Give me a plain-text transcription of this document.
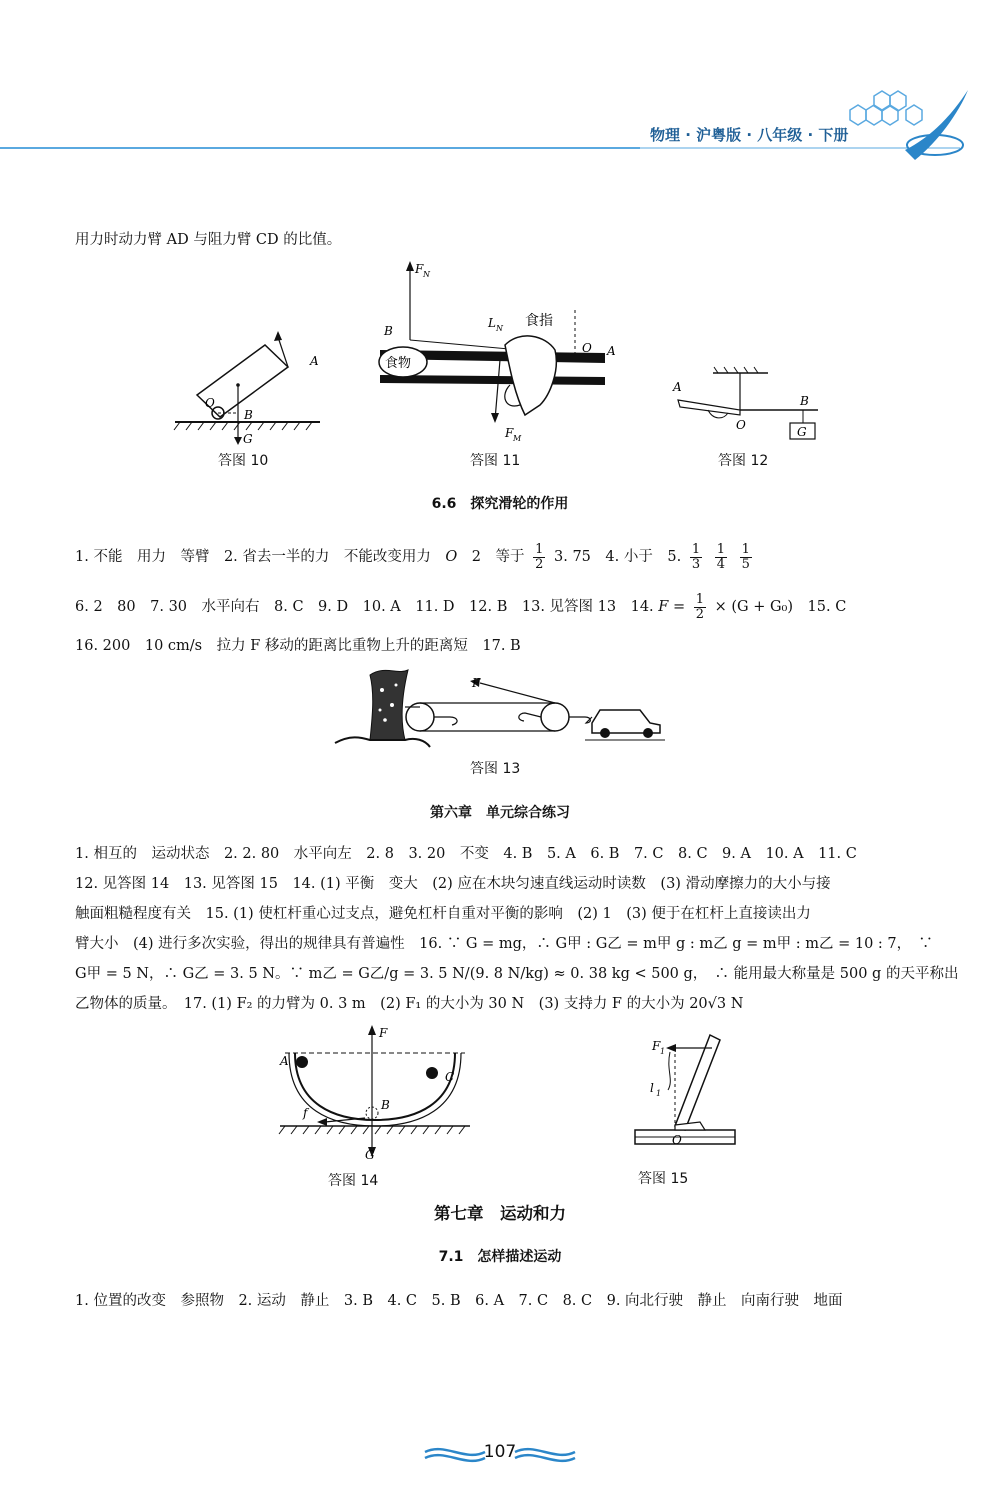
物理 · 沪粤版 · 八年级 · 下册
用力时动力臂 AD 与阻力臂 CD 的比值。
A
O
B
G
答图 10
F N
食物
B
L N 食指
O A
F M
答图 11
A
B
O	G
答图 12
6.6　探究滑轮的作用
1. 不能　用力　等臂　2. 省去一半的力　不能改变用力　O　2　等于 $\frac{1}{2} 3$. 75　4. 小于　5. $\frac{1}{3}$
$\frac{1}{4}$
$\frac{1}{5}$
6. 2　80　7. 30　水平向右　8. C　9. D　10. A　11. D　12. B　13. 见答图 13　14. $F = \frac{1}{2} \times (G + G_0)$　15. C
16. 200　10 cm/s　拉力 F 移动的距离比重物上升的距离短　17. B
F
答图 13
第六章　单元综合练习
1. 相互的　运动状态　2. 2. 80　水平向左　2. 8　3. 20　不变　4. B　5. A　6. B　7. C　8. C　9. A　10. A　11. C
12. 见答图 14　13. 见答图 15　14. (1) 平衡　变大　(2) 应在木块匀速直线运动时读数　(3) 滑动摩擦力的大小与接
触面粗糙程度有关　15. (1) 使杠杆重心过支点，避免杠杆自重对平衡的影响　(2) 1　(3) 便于在杠杆上直接读出力
臂大小　(4) 进行多次实验，得出的规律具有普遍性　16. ∵ G = mg，∴ G甲 : G乙 = m甲 g : m乙 g = m甲 : m乙 = 10 : 7，　∵
G甲 = 5 N，∴ G乙 = 3. 5 N。∵ m乙 = G乙/g = 3. 5 N/(9. 8 N/kg) ≈ 0. 38 kg < 500 g，　∴ 能用最大称量是 500 g 的天平称出
乙物体的质量。　17. (1) F₂ 的力臂为 0. 3 m　(2) F₁ 的大小为 30 N　(3) 支持力 F 的大小为 20√3 N
F
A
C
B
f
G
答图 14
F 1
l 1
O
答图 15
第七章　运动和力
7.1　怎样描述运动
1. 位置的改变　参照物　2. 运动　静止　3. B　4. C　5. B　6. A　7. C　8. C　9. 向北行驶　静止　向南行驶　地面
107
